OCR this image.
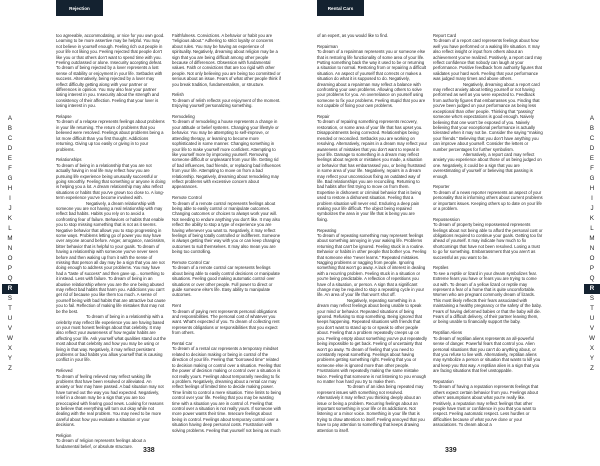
Rejection	Rental Cars

too agreeable, accommodating, or nice for you own good. Learning to be more assertive may be helpful. You may not believe in yourself enough. Feeling rich out people in your life not liking you. Feeling rejected that people don't like you or that others don't want to spend time with you. Feeling outclassed or alone. Insecurity accepting defeat. To dream of being rejected by a lover represents a lost sense of stability or enjoyment in your life. Setbacks with success. Alternatively, being rejected by a lover may reflect difficulty getting along with your partner or differences in opinion. You may also fear your partner losing interest in you. Insecurity about the strength and consistency of their affection. Feeling that your lover is losing interest in you.

Relapse

To dream of a relapse represents feelings about problems in your life returning. The return of problems that you believed were resolved. Feelings about problems being a lot more difficult than you first thought. Addictions returning. Giving up too easily or giving in to your problems.

Relationships

To dream of being in a relationship that you are not actually having in real life may reflect how you are pursuing life experience being unusually successful or going smoothly. Feeling that something or anyone is doing is helping you a lot. A dream relationship may also reflect situations or habits that you've grown too close to. A long-term experience you've become involved with.

Negatively, a dream relationship with someone you are not having a real relationship with may reflect bad habits. Habits you rely on to avoid a confronting fear of failure. Behaviors or habits that enable you to stop missing something that is not as it seems. Negative behavior that allows you to stop progressing in some ways. Problems letting go of power you may have over anyone around before. Anger, arrogance, narcissism, bitter behavior that is helpful to your goals. To dream of having a relationship with someone you've never seen before and then waking up from it with the sense of missing that person all day may be a sign that you are not doing enough to address your problems. You may have had a "taste of success" and then gave up... something to it instead. Less with failure. To dream of being in an abusive relationship where you are the one being abused may reflect bad habits that harm you. Addictions you can't get rid of because you like them too much. A sense of yourself being with bad habits that are attractive but cause you to fail. Reflection of making life mistakes that may not be the best.

To dream of being in a relationship with a celebrity may reflect life experience you are having based on your most honest feelings about that celebrity. It may also reflect your awareness of how regular habits are affecting your life. Ask yourself what qualities stand out the most about that celebrity and how you may be using or living in that way. Negatively, it may reflect persistent problems or bad habits you allow yourself that is causing conflict in your life.

Relieved

To dream of feeling relieved may reflect waking life problems that have been resolved or alleviated. An anxiety or fear may have passed. A bad situation may not have turned out the way you had expected. Negatively, relief in a dream may be a sign that you are too preoccupied with fearing good news. Looking for reasons to believe that everything will turn out okay while not dealing with the real problem. You may need to be more careful about how you evaluate a situation or your decisions.

Religion

To dream of religion represents feelings about a fundamental belief, or absolute structure.

Faithfulness. Convictions. A behavior or habit you are "religious about." Adhering to strict loyalty or concerns about rules. You may be having an experience of spirituality. Negatively, dreaming about religion may be a sign that you are being difficult among other people because of differences. Obsession with fundamental values. Faith or convictions that are too rigid with other people. Not only believing you are being too committed or serious about an issue. Fears of what other people think if you break tradition, fundamentalism, or structure.

Relish

To dream of relish reflects your enjoyment of the moment. Enjoying yourself personalizing something.

Remodeling

To dream of remodeling a house represents a change in your attitude or belief systems. Changing your lifestyle or behavior. You may be attempting to self-improve, or attending therapy, or learning to become more sophisticated in some manner. Changing something in your life to make yourself more confident. Attempting to like yourself more by improving yourself. Removing someone difficult or unpleasant from your life. Getting rid of bad influences, bad friends, or replacing bad influences from your life. Attempting to move on from a bad relationship. Negatively, dreaming about remodeling may reflect problems with excessive concern about appearances.

Remote Control

To dream of a remote control represents feelings about being able to easily control or manipulate outcomes. Changing outcomes or choices to always work your will. Not needing to endure anything you don't like. It may also reflect the ability to stop a type of experience you are having whenever you want to. Negatively, it may reflect feelings of being totally controlled or indifferent. Someone is always getting their way with you or can keep changing outcomes to suit themselves. It may also mean you are being too controlling.

Remote Control Car

To dream of a remote control car represents feelings about being able to easily control decisions or manipulate situations. Feeling good making automatic control over situations or over other people. Full power to direct or guide someone else's life. Easy ability to manipulate outcomes.

Rent

To dream of paying rent represents personal obligations and responsibilities. The personal cost of whatever you want. What's expected of you. To dream of collecting rent represents obligations or responsibilities that you expect from others.

Rental Car

To dream of a rental car represents a temporary mindset related to decision making or being in control of the direction of your life. Feeling that "borrowed time" related to decision making or control over a situation. Feeling that the power of decision making or control over a situation is not really yours. Feelings about temporarily needing to fix a problem. Negatively, dreaming about a rental car may reflect feelings of limited time to decide making power. Time limits to control a mere situation. Time limits to being control over your life. Feeling that you may be wasting time with a situation you are in control of. Feeling that control over a situation is not really yours. If someone with more power wants their time. Insecure feelings about being in control. Feelings about temporary control over a situation having deep personal costs. Frustration with solving problems. Feeling that yourself not being as much

of an expert, as you would like to find.

Repairman

To dream of a repairman represents you or someone else that is restoring life functionality of some area of your life. Putting something back the way it used to be or returning a situation to normal. Restoring from or repairing a difficult situation. An aspect of yourself that corrects or makes a situation do what it is supposed to do. Negatively, dreaming about a repairman may reflect a balance with confronting your own problems. Allowing others to solve your problems for you. An overreliance on yourself using someone to fix your problems. Feeling stupid that you are not capable of fixing your own problems.

Repair

To dream of repairing something represents recovery, restoration, or some area of your life that has upset you. Disappointments being corrected. Relationships being mended or reconciled. Setbacks you are working on resolving. Alternatively, repairs in a dream may reflect your awareness of mistakes that you don't want to repeat in your life. Damage to something in a dream may reflect feelings about regrets or mistakes you made, a situation or behavior that has embarrassed you, or being frustrated in some area of your life. Negatively, repairs in a dream may reflect your unconscious fixing an outdated way of life. Bad relationships you are reconciling. Returning to bad habits after first trying to move on from them. Expertise in dishonest or criminal behavior that is being used to restore a dishonest situation. Feeling that a problem situation will never end. Enduring a deep pain making your life difficult. The object being repaired symbolizes the area in your life that is being you are fixing.

Repeating

To dream of repeating something may represent feelings about something annoying in your waking life. Problems returning that can't be ignored. Feeling stuck in a routine. Behavior or habits in other people that bother you. Feeling that someone else "never learns." Repeated mistakes. Nagging problems or nagging from people. Ignoring something that won't go away. A lack of interest in dealing with a recurring problem. Feeling stuck in a situation or you're being predictable. A reflection of repetitions you have of a situation, or person. A sign that a significant change may be required to stop a repeating cycle in your life. An area of your life that won't shut off.

Negatively, repeating something in a dream may reflect feelings about being unable to speak your mind or behavior. Repeated situations of being ignored. Refusing to stop something. Being ignored that keeps happening. Repeated situations with friends that you don't want to stand up to or speak to other people about. Feeling that a problem repeatedly creeps up on you. Feeling empty about something you've put repeatedly being impossible to get back. Feeling of uncertainty that won't go away. To dream of feeling that you need to constantly repeat something. Feelings about having problems getting something right. Feeling that you or someone else is ignored more than other people. Frustrations with repeatedly making the same mistake twice. Feeling that someone is not listening to you enough no matter how hard you try to make them.

To dream of an idea being repeated may represent issues with something not resolved. Alternatively it may reflect you thinking deeply about an issue or being a problem. Recurring feelings about an important something in your life or its addictions. Not listening or a minor voice. Something in your life that is trying to draw attention to itself. Feeling annoyed that you have to pay attention to something that keeps drawing attention to itself.

Report Card

To dream of a report card represents feelings about how well you have performed or a waking life situation. It may also reflect insight or input from others about an achievement you've realized. Positively, a report card may reflect confidence that nobody can laugh at your performance. Positive feedback from authority figures that validates your hard work. Feeling that your performance was judged many times and above others.

Negatively, dreaming about a report card may reflect anxiety about letting yourself or not having performed as well as you were expected to. Feedback from authority figures that embarrasses you. Finding that you've been judged on your performance as being less exceptional than other people. Thinking that "passing" someone who's expectations is good enough. Naively believing that one won't be exposed of you. Naively believing that your exceptional performance is actually tolerated when it may not be. Consider the saying "making your friends." Believing that you don't have anything you can improve about yourself. Consider the letters or number percentages for further symbolism.

Alternatively, a report card may reflect anxiety you experience about those of us being judged on one. Negatively, it could be a sign that you are overestimating of yourself or believing that passing is enough.

Reporter

To dream of a news reporter represents an aspect of your personality that is informing others about current problems or important issues. Keeping others up to date on your life or a problem.

Repossession

To dream of property being repossessed represents feelings about not being able to afford the personal cost or obligations required to continue your goals. Getting too far ahead of yourself. It may indicate how much to fix shortcomings that have not been resolved. Losing a trust to go for something. Embarrassment that you aren't as successful as you want to be.

Reptiles

To see a reptile or lizard in your dream symbolizes fear. Extreme fears you have or fears you are trying to come out with. To dream of a yellow lizard or reptile may represent a fear of a home that is quite uncomfortable. Women who are pregnant commonly dream of lizards. This most likely reflects their fears associated with maintaining a healthy pregnancy or the safety of the baby. Fears of having deformed babies or that the baby will die. Fears of a difficult delivery, of their partner leaving them, or being unable to financially support the baby.

Reptilian Aliens

To dream of reptilian aliens represents an all-powerful sense of danger. Powerful fears that control you. Alien personal situations that you can't do anything about, or that you refuse to live with. Alternatively, reptilian aliens may symbolize a person or situation that wants to kill you and keep you that way. A reptilian alien is a sign that you are facing situations that feel unstoppable.

Reputation

To dream of having a reputation represents feelings that others expect certain behavior from you. Feelings about others' assumptions about what you're really like. Positively, a reputation may reflect feelings that other people have trust or confidence in you that you want to respect. Feeling automatic respect. Less hurdles or difficulties because of what you've done or your associations. To dream about a

A
B
C
D
E
F
G
H
I
J
K
L
M
N
O
P
Q
R
S
T
U
V
W
X
Y
Z
A
B
C
D
E
F
G
H
I
J
K
L
M
N
O
P
Q
R
S
T
U
V
W
X
Y
Z
338	339
